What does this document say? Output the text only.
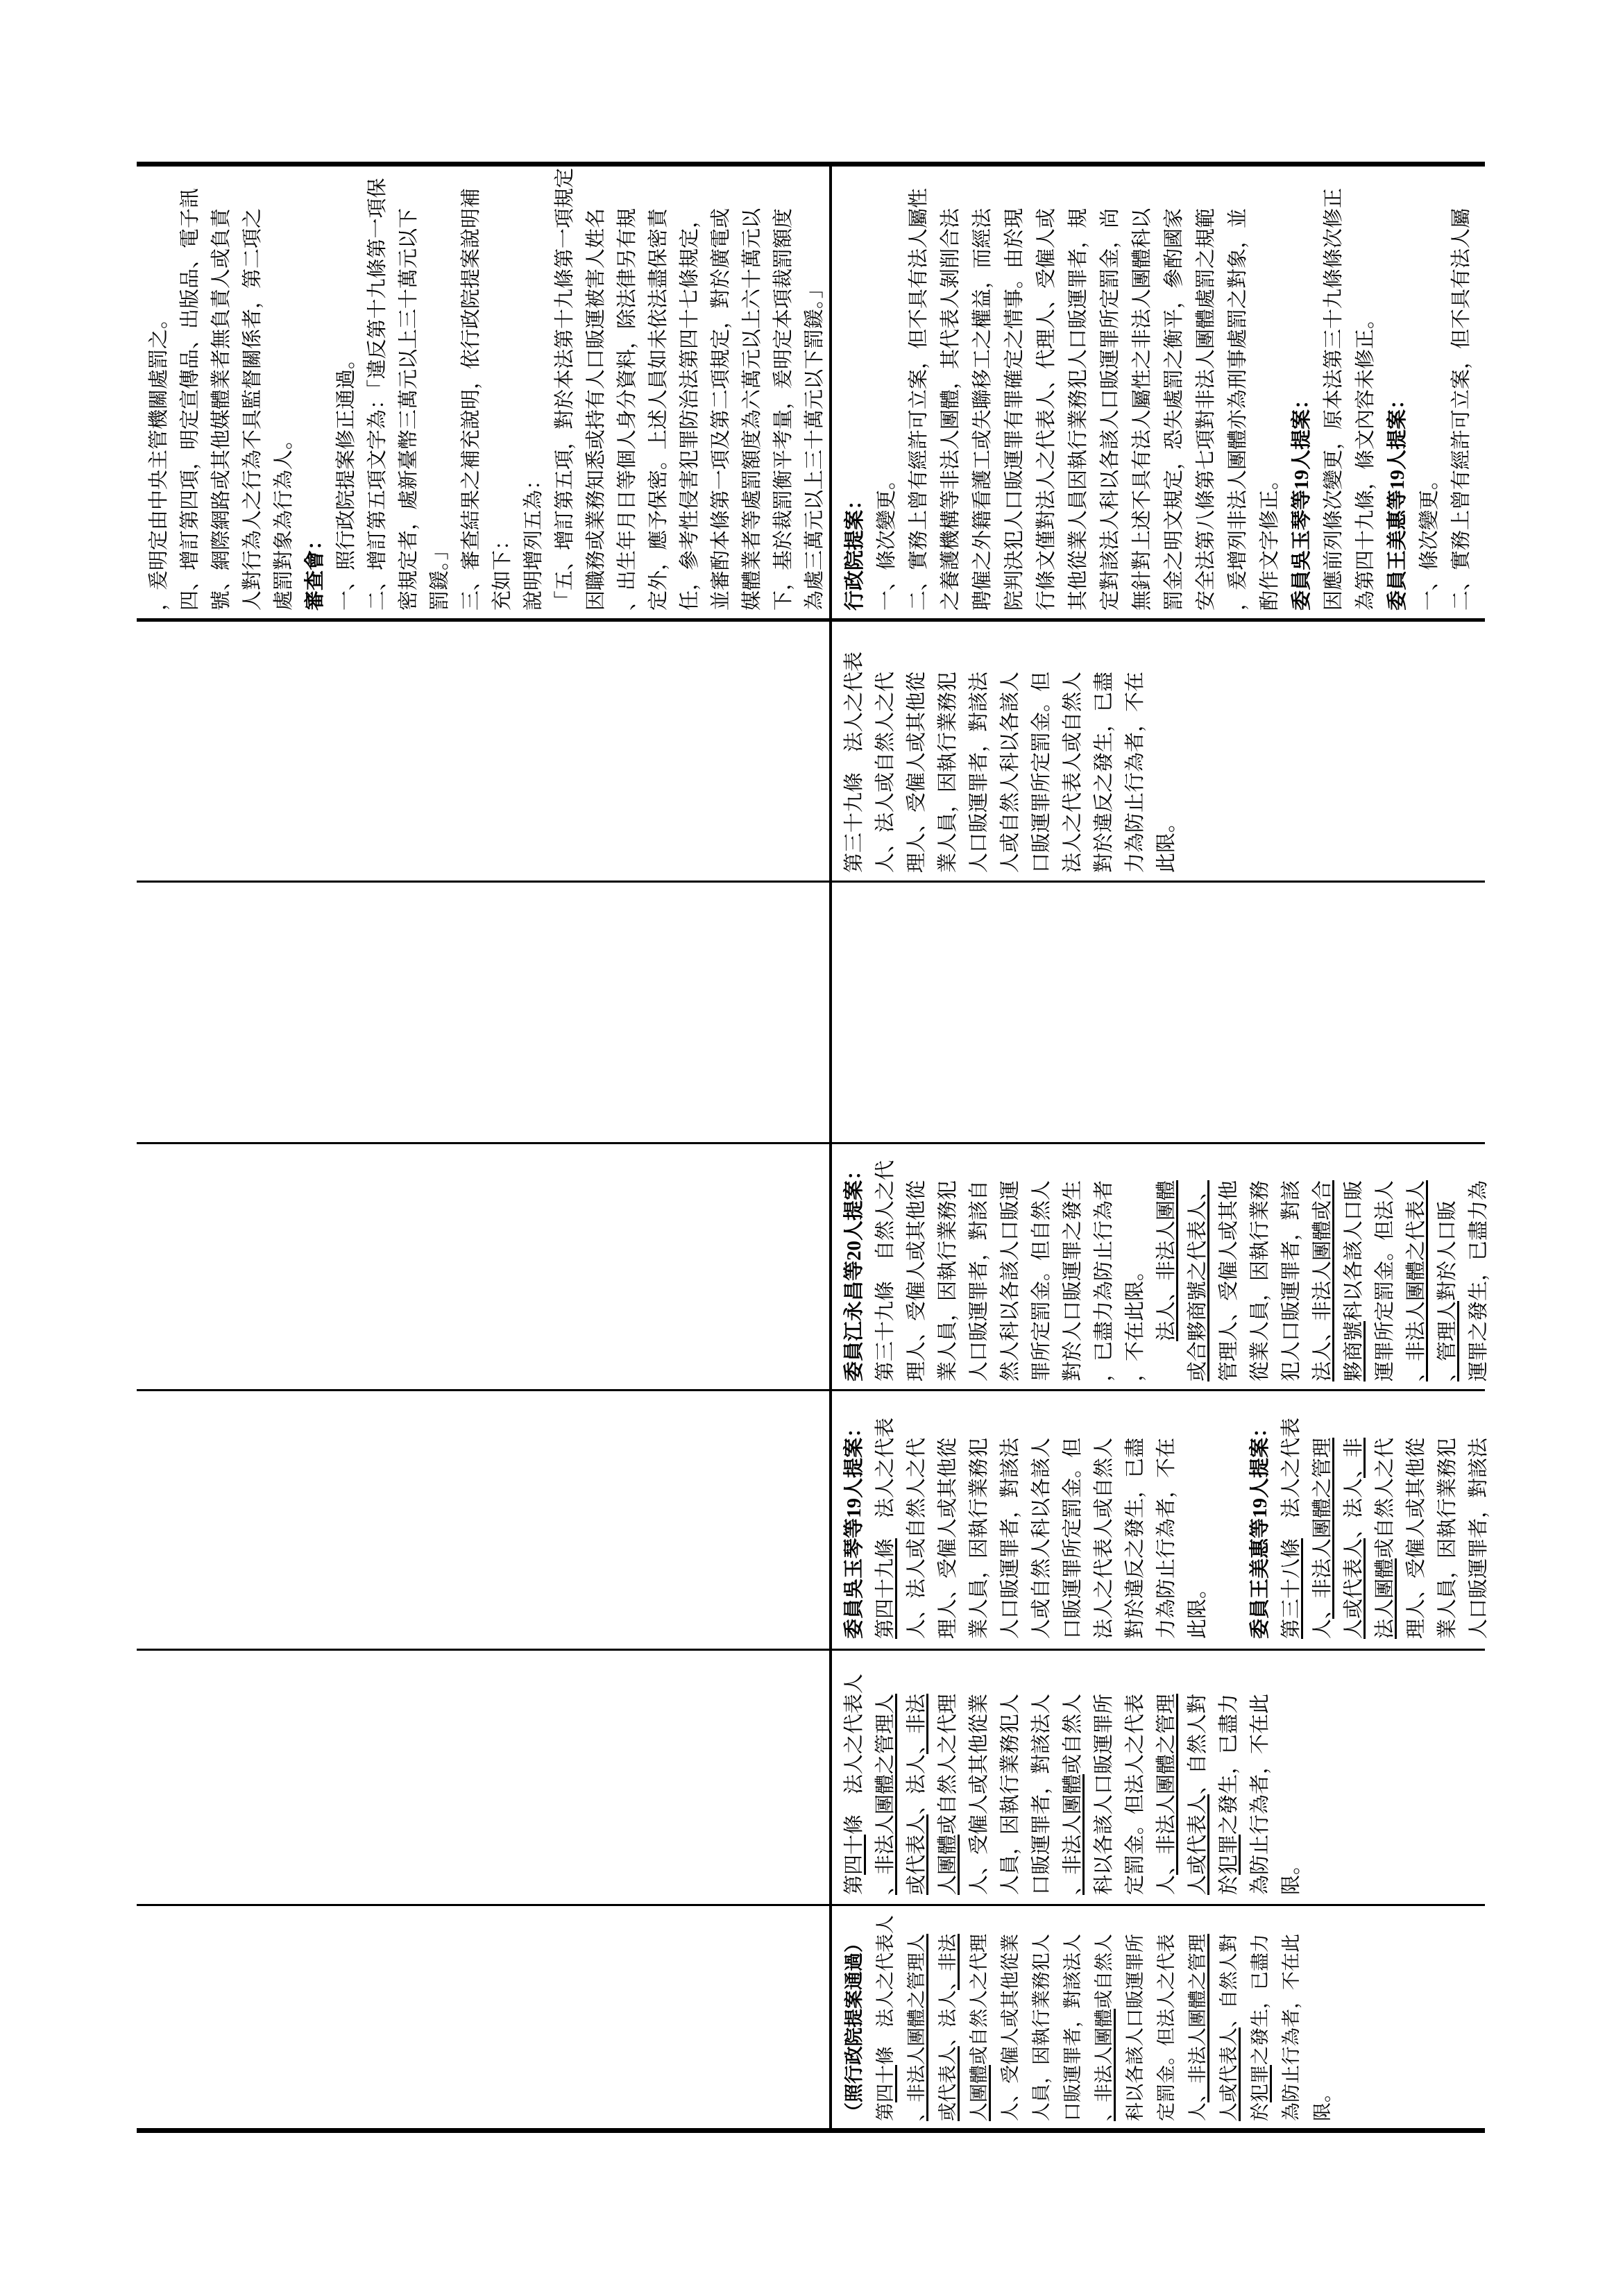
，爰明定由中央主管機關處罰之。 四、增訂第四項，明定宣傳品、出版品、電子訊 號、網際網路或其他媒體業者無負責人或負責 人對行為人之行為不具監督關係者，第二項之 處罰對象為行為人。 審查會： 一、照行政院提案修正通過。 二、增訂第五項文字為：「違反第十九條第一項保 密規定者，處新臺幣三萬元以上三十萬元以下 罰鍰。」 三、審查結果之補充說明，依行政院提案說明補 充如下： 說明增列五為： 「五、增訂第五項，對於本法第十九條第一項規定 因職務或業務知悉或持有人口販運被害人姓名 、出生年月日等個人身分資料，除法律另有規 定外，應予保密。上述人員如未依法盡保密責 任，參考性侵害犯罪防治法第四十七條規定， 並審酌本條第一項及第二項規定，對於廣電或 媒體業者等處罰額度為六萬元以上六十萬元以 下，基於裁罰衡平考量，爰明定本項裁罰額度 為處三萬元以上三十萬元以下罰鍰。」 行政院提案： 一、條次變更。 二、實務上曾有經許可立案，但不具有法人屬性 之養護機構等非法人團體，其代表人剝削合法 聘僱之外籍看護工或失聯移工之權益，而經法 院判決犯人口販運罪有罪確定之情事。由於現 行條文僅對法人之代表人、代理人、受僱人或 其他從業人員因執行業務犯人口販運罪者，規 定對該法人科以各該人口販運罪所定罰金，尚 無針對上述不具有法人屬性之非法人團體科以 罰金之明文規定，恐失處罰之衡平，參酌國家 安全法第八條第七項對非法人團體處罰之規範 ，爰增列非法人團體亦為刑事處罰之對象，並 酌作文字修正。 委員吳玉琴等19人提案： 因應前列條次變更，原本法第三十九條條次修正 為第四十九條，條文內容未修正。 委員王美惠等19人提案： 一、條次變更。 二、實務上曾有經許可立案，但不具有法人屬
第三十九條　法人之代表 人、法人或自然人之代 理人、受僱人或其他從 業人員，因執行業務犯 人口販運罪者，對該法 人或自然人科以各該人 口販運罪所定罰金。但 法人之代表人或自然人 對於違反之發生，已盡 力為防止行為者，不在 此限。
委員江永昌等20人提案： 第三十九條　自然人之代 理人、受僱人或其他從 業人員，因執行業務犯 人口販運罪者，對該自 然人科以各該人口販運 罪所定罰金。但自然人 對於人口販運罪之發生 ，已盡力為防止行為者 ，不在此限。
　　 法人、非法人團體 或合夥商號之代表人、 管理人、受僱人或其他 從業人員，因執行業務 犯人口販運罪者，對該 法人、非法人團體或合 夥商號科以各該人口販 運罪所定罰金。但法人 、非法人團體之代表人 、管理人對於人口販 運罪之發生，已盡力為
委員吳玉琴等19人提案： 第四十九條　法人之代表 人、法人或自然人之代 理人、受僱人或其他從 業人員，因執行業務犯 人口販運罪者，對該法 人或自然人科以各該人 口販運罪所定罰金。但 法人之代表人或自然人 對於違反之發生，已盡 力為防止行為者，不在 此限。 委員王美惠等19人提案： 第三十八條　法人之代表
人、非法人團體之管理 人或代表人、法人、非
法人團體或自然人之代 理人、受僱人或其他從 業人員，因執行業務犯 人口販運罪者，對該法
第四十條　法人之代表人 、非法人團體之管理人 或代表人、法人、非法
人團體或自然人之代理 人、受僱人或其他從業 人員，因執行業務犯人 口販運罪者，對該法人 、非法人團體或自然人 科以各該人口販運罪所 定罰金。但法人之代表 人、非法人團體之管理 人或代表人、自然人對
於犯罪之發生，已盡力 為防止行為者，不在此 限。
（照行政院提案通過） 第四十條　法人之代表人 、非法人團體之管理人 或代表人、法人、非法
人團體或自然人之代理 人、受僱人或其他從業 人員，因執行業務犯人 口販運罪者，對該法人 、非法人團體或自然人 科以各該人口販運罪所 定罰金。但法人之代表 人、非法人團體之管理 人或代表人、自然人對
於犯罪之發生，已盡力 為防止行為者，不在此 限。
